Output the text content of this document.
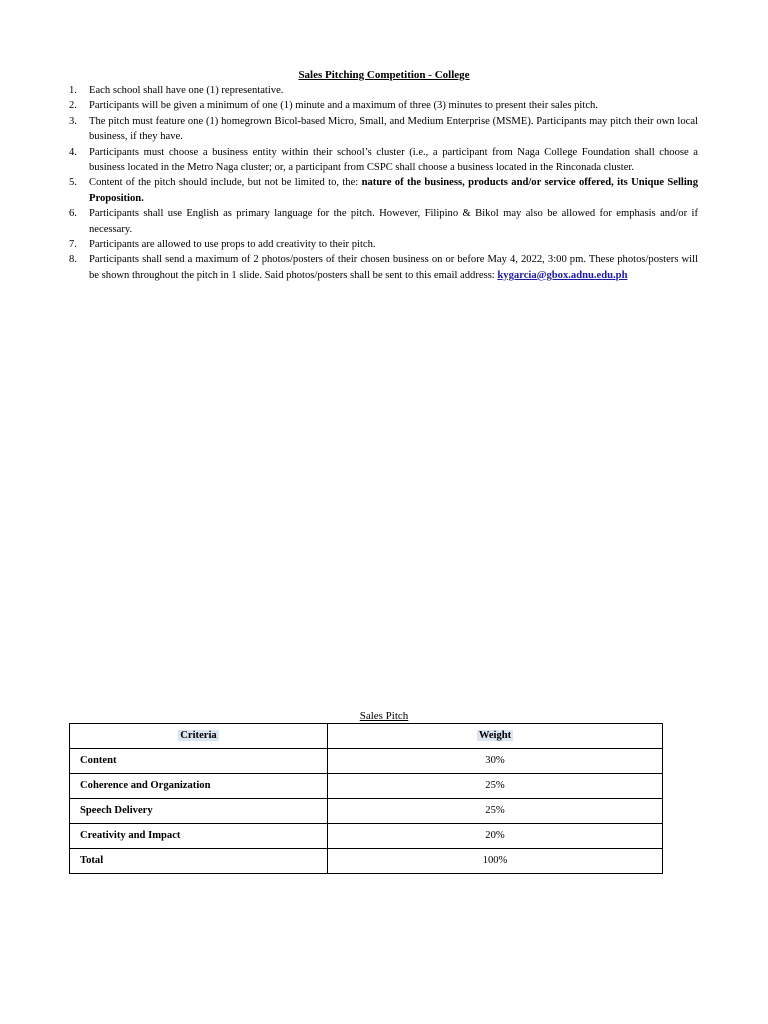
Sales Pitching Competition - College
1. Each school shall have one (1) representative.
2. Participants will be given a minimum of one (1) minute and a maximum of three (3) minutes to present their sales pitch.
3. The pitch must feature one (1) homegrown Bicol-based Micro, Small, and Medium Enterprise (MSME). Participants may pitch their own local business, if they have.
4. Participants must choose a business entity within their school’s cluster (i.e., a participant from Naga College Foundation shall choose a business located in the Metro Naga cluster; or, a participant from CSPC shall choose a business located in the Rinconada cluster.
5. Content of the pitch should include, but not be limited to, the: nature of the business, products and/or service offered, its Unique Selling Proposition.
6. Participants shall use English as primary language for the pitch. However, Filipino & Bikol may also be allowed for emphasis and/or if necessary.
7. Participants are allowed to use props to add creativity to their pitch.
8. Participants shall send a maximum of 2 photos/posters of their chosen business on or before May 4, 2022, 3:00 pm. These photos/posters will be shown throughout the pitch in 1 slide. Said photos/posters shall be sent to this email address: kygarcia@gbox.adnu.edu.ph
Sales Pitch
Criteria	Weight
Content	30%
Coherence and Organization	25%
Speech Delivery	25%
Creativity and Impact	20%
Total	100%
